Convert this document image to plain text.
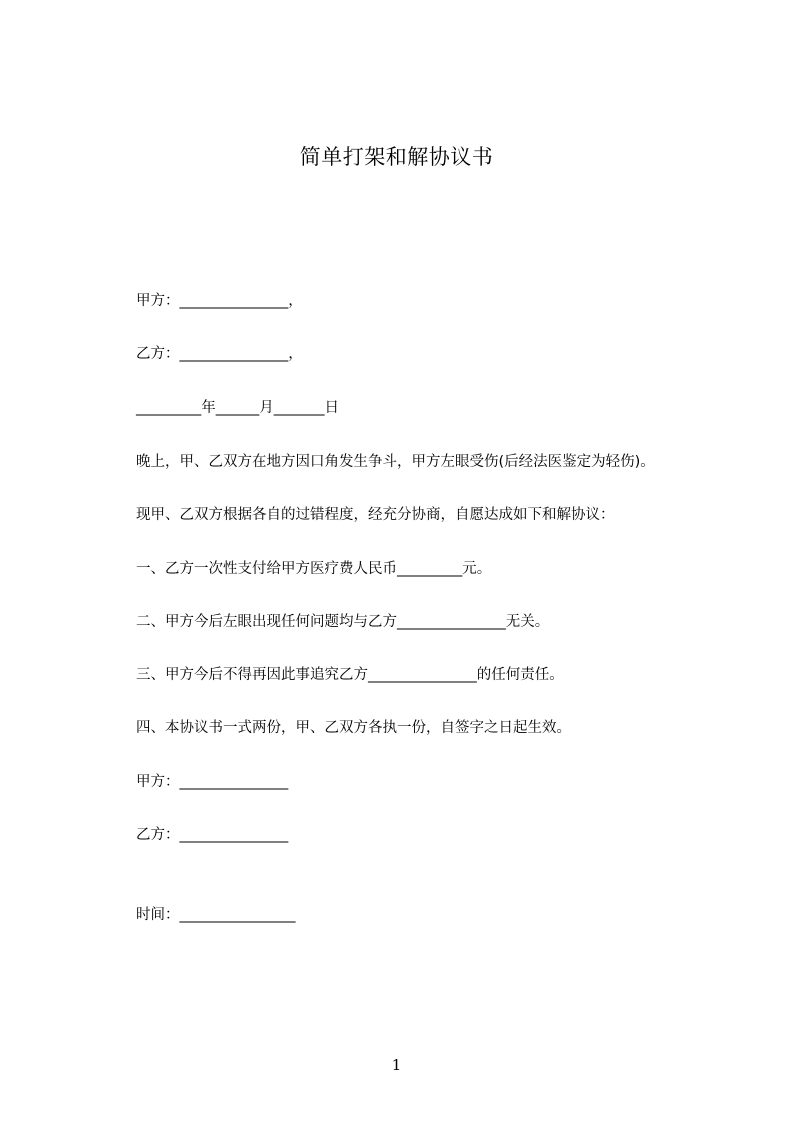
简单打架和解协议书
甲方：_______________，
乙方：_______________，
_________年______月_______日
晚上，甲、乙双方在地方因口角发生争斗，甲方左眼受伤(后经法医鉴定为轻伤)。
现甲、乙双方根据各自的过错程度，经充分协商，自愿达成如下和解协议：
一、乙方一次性支付给甲方医疗费人民币_________元。
二、甲方今后左眼出现任何问题均与乙方_______________无关。
三、甲方今后不得再因此事追究乙方_______________的任何责任。
四、本协议书一式两份，甲、乙双方各执一份，自签字之日起生效。
甲方：_______________
乙方：_______________
时间：________________
1
